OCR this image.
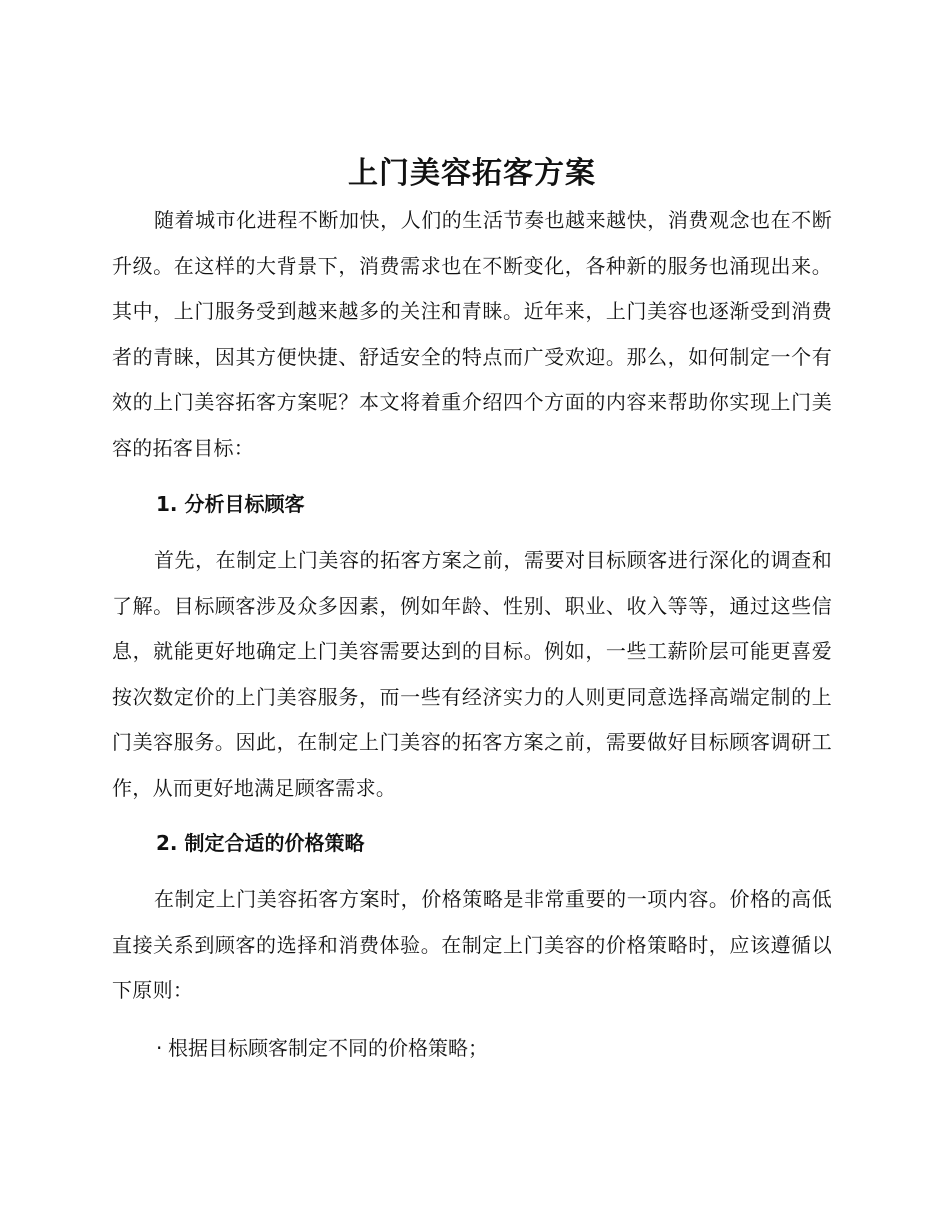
上门美容拓客方案

随着城市化进程不断加快，人们的生活节奏也越来越快，消费观念也在不断升级。在这样的大背景下，消费需求也在不断变化，各种新的服务也涌现出来。其中，上门服务受到越来越多的关注和青睐。近年来，上门美容也逐渐受到消费者的青睐，因其方便快捷、舒适安全的特点而广受欢迎。那么，如何制定一个有效的上门美容拓客方案呢？本文将着重介绍四个方面的内容来帮助你实现上门美容的拓客目标：

1. 分析目标顾客

首先，在制定上门美容的拓客方案之前，需要对目标顾客进行深化的调查和了解。目标顾客涉及众多因素，例如年龄、性别、职业、收入等等，通过这些信息，就能更好地确定上门美容需要达到的目标。例如，一些工薪阶层可能更喜爱按次数定价的上门美容服务，而一些有经济实力的人则更同意选择高端定制的上门美容服务。因此，在制定上门美容的拓客方案之前，需要做好目标顾客调研工作，从而更好地满足顾客需求。

2. 制定合适的价格策略

在制定上门美容拓客方案时，价格策略是非常重要的一项内容。价格的高低直接关系到顾客的选择和消费体验。在制定上门美容的价格策略时，应该遵循以下原则：

· 根据目标顾客制定不同的价格策略；
